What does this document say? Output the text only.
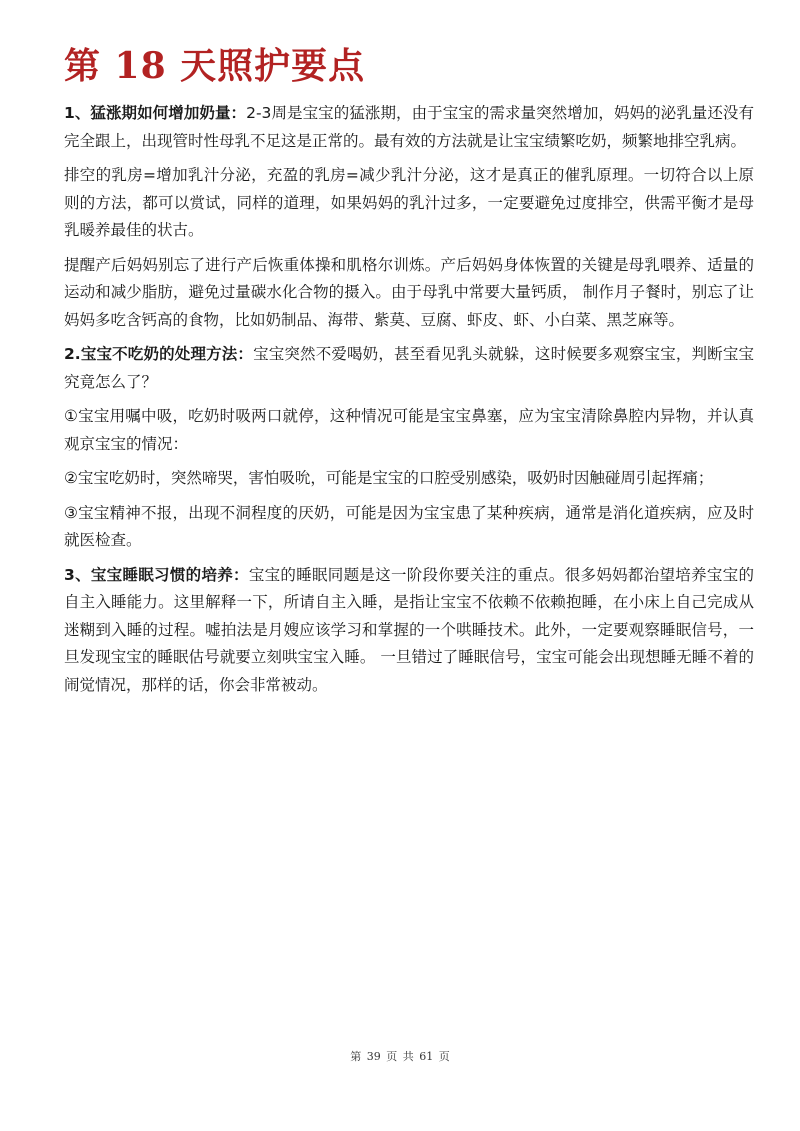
第 18 天照护要点

1、猛涨期如何增加奶量：2-3周是宝宝的猛涨期，由于宝宝的需求量突然增加，妈妈的泌乳量还没有完全跟上，出现管时性母乳不足这是正常的。最有效的方法就是让宝宝绩繁吃奶，频繁地排空乳病。

排空的乳房=增加乳汁分泌，充盈的乳房=减少乳汁分泌，这才是真正的催乳原理。一切符合以上原则的方法，都可以赏试，同样的道理，如果妈妈的乳汁过多，一定要避免过度排空，供需平衡才是母乳暖养最佳的状古。

提醒产后妈妈别忘了进行产后恢重体操和肌格尔训炼。产后妈妈身体恢置的关键是母乳喂养、适量的运动和减少脂肪，避免过量碳水化合物的摄入。由于母乳中常要大量钙质， 制作月子餐时，别忘了让妈妈多吃含钙高的食物，比如奶制品、海带、紫莫、豆腐、虾皮、虾、小白菜、黑芝麻等。

2.宝宝不吃奶的处理方法：宝宝突然不爱喝奶，甚至看见乳头就躲，这时候要多观察宝宝，判断宝宝究竟怎么了？

①宝宝用嘱中吸，吃奶时吸两口就停，这种情况可能是宝宝鼻塞，应为宝宝清除鼻腔内异物，并认真观京宝宝的情况：

②宝宝吃奶时，突然啼哭，害怕吸吮，可能是宝宝的口腔受别感染，吸奶时因触碰周引起挥痛；

③宝宝精神不报，出现不洞程度的厌奶，可能是因为宝宝患了某种疾病，通常是消化道疾病，应及时就医检查。

3、宝宝睡眠习惯的培养：宝宝的睡眠同题是这一阶段你要关注的重点。很多妈妈都治望培养宝宝的自主入睡能力。这里解释一下，所请自主入睡，是指让宝宝不依赖不依赖抱睡，在小床上自己完成从迷糊到入睡的过程。嘘拍法是月嫂应该学习和掌握的一个哄睡技术。此外，一定要观察睡眠信号，一旦发现宝宝的睡眠估号就要立刻哄宝宝入睡。 一旦错过了睡眠信号，宝宝可能会出现想睡无睡不着的闹觉情况，那样的话，你会非常被动。

第 39 页 共 61 页
